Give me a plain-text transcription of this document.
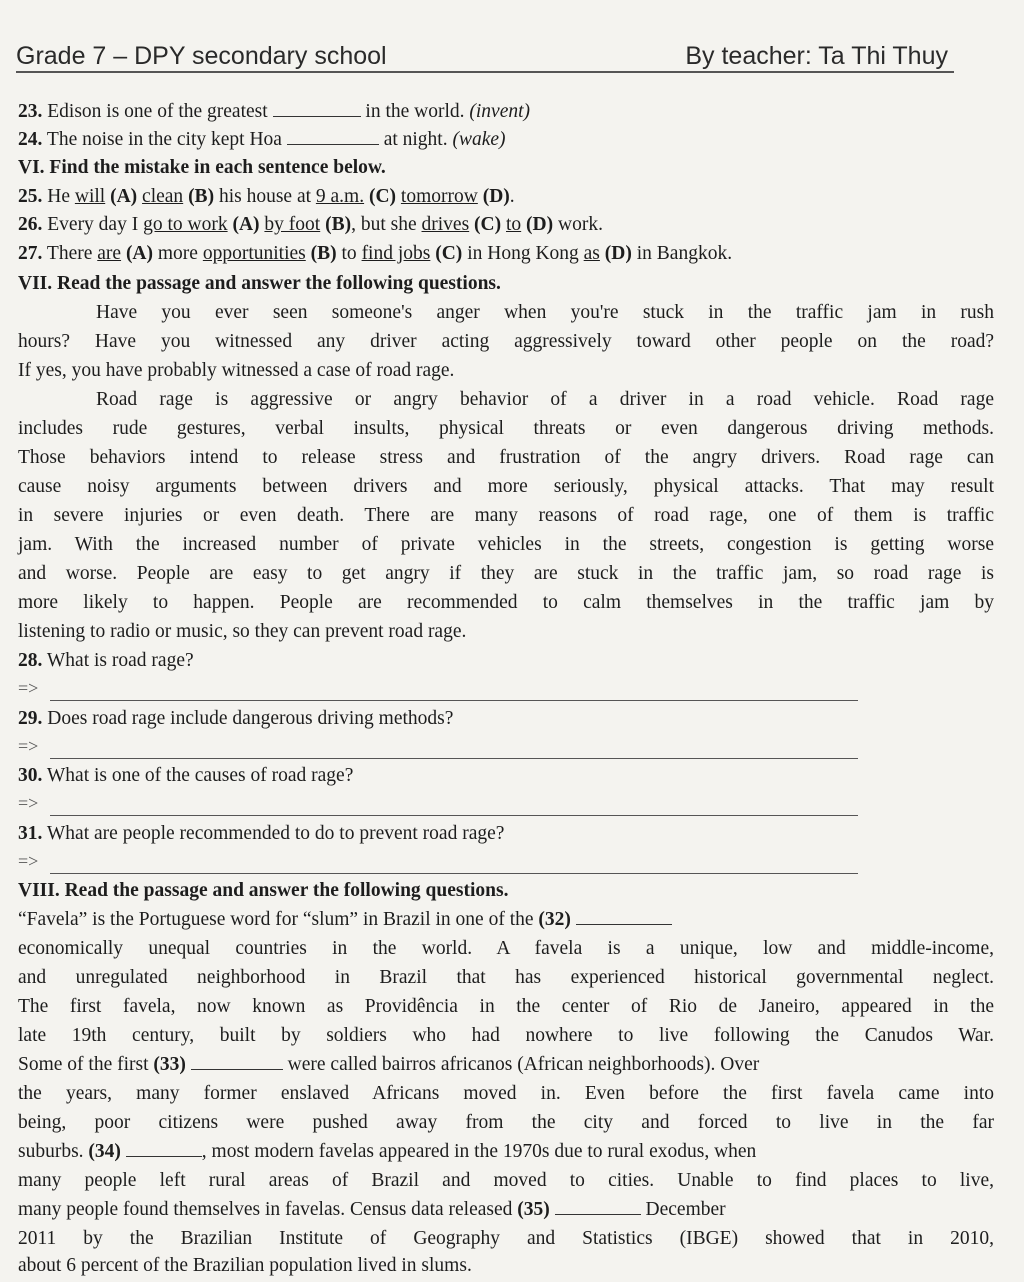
Grade 7 – DPY secondary school	By teacher: Ta Thi Thuy
23. Edison is one of the greatest	in the world. (invent)
24. The noise in the city kept Hoa	at night. (wake)
VI. Find the mistake in each sentence below.
25. He will (A) clean (B) his house at 9 a.m. (C) tomorrow (D).
26. Every day I go to work (A) by foot (B), but she drives (C) to (D) work.
27. There are (A) more opportunities (B) to find jobs (C) in Hong Kong as (D) in Bangkok.
VII. Read the passage and answer the following questions.
Have you ever seen someone's anger when you're stuck in the traffic jam in rush
hours? Have you witnessed any driver acting aggressively toward other people on the road?
If yes, you have probably witnessed a case of road rage.
Road rage is aggressive or angry behavior of a driver in a road vehicle. Road rage
includes rude gestures, verbal insults, physical threats or even dangerous driving methods.
Those behaviors intend to release stress and frustration of the angry drivers. Road rage can
cause noisy arguments between drivers and more seriously, physical attacks. That may result
in severe injuries or even death. There are many reasons of road rage, one of them is traffic
jam. With the increased number of private vehicles in the streets, congestion is getting worse
and worse. People are easy to get angry if they are stuck in the traffic jam, so road rage is
more likely to happen. People are recommended to calm themselves in the traffic jam by
listening to radio or music, so they can prevent road rage.
28. What is road rage?
=>
29. Does road rage include dangerous driving methods?
=>
30. What is one of the causes of road rage?
=>
31. What are people recommended to do to prevent road rage?
=>
VIII. Read the passage and answer the following questions.
“Favela” is the Portuguese word for “slum” in Brazil in one of the (32)
economically unequal countries in the world. A favela is a unique, low and middle-income,
and unregulated neighborhood in Brazil that has experienced historical governmental neglect.
The first favela, now known as Providência in the center of Rio de Janeiro, appeared in the
late 19th century, built by soldiers who had nowhere to live following the Canudos War.
Some of the first (33)	were called bairros africanos (African neighborhoods). Over
the years, many former enslaved Africans moved in. Even before the first favela came into
being, poor citizens were pushed away from the city and forced to live in the far
suburbs. (34)	, most modern favelas appeared in the 1970s due to rural exodus, when
many people left rural areas of Brazil and moved to cities. Unable to find places to live,
many people found themselves in favelas. Census data released (35)	December
2011 by the Brazilian Institute of Geography and Statistics (IBGE) showed that in 2010,
about 6 percent of the Brazilian population lived in slums.
